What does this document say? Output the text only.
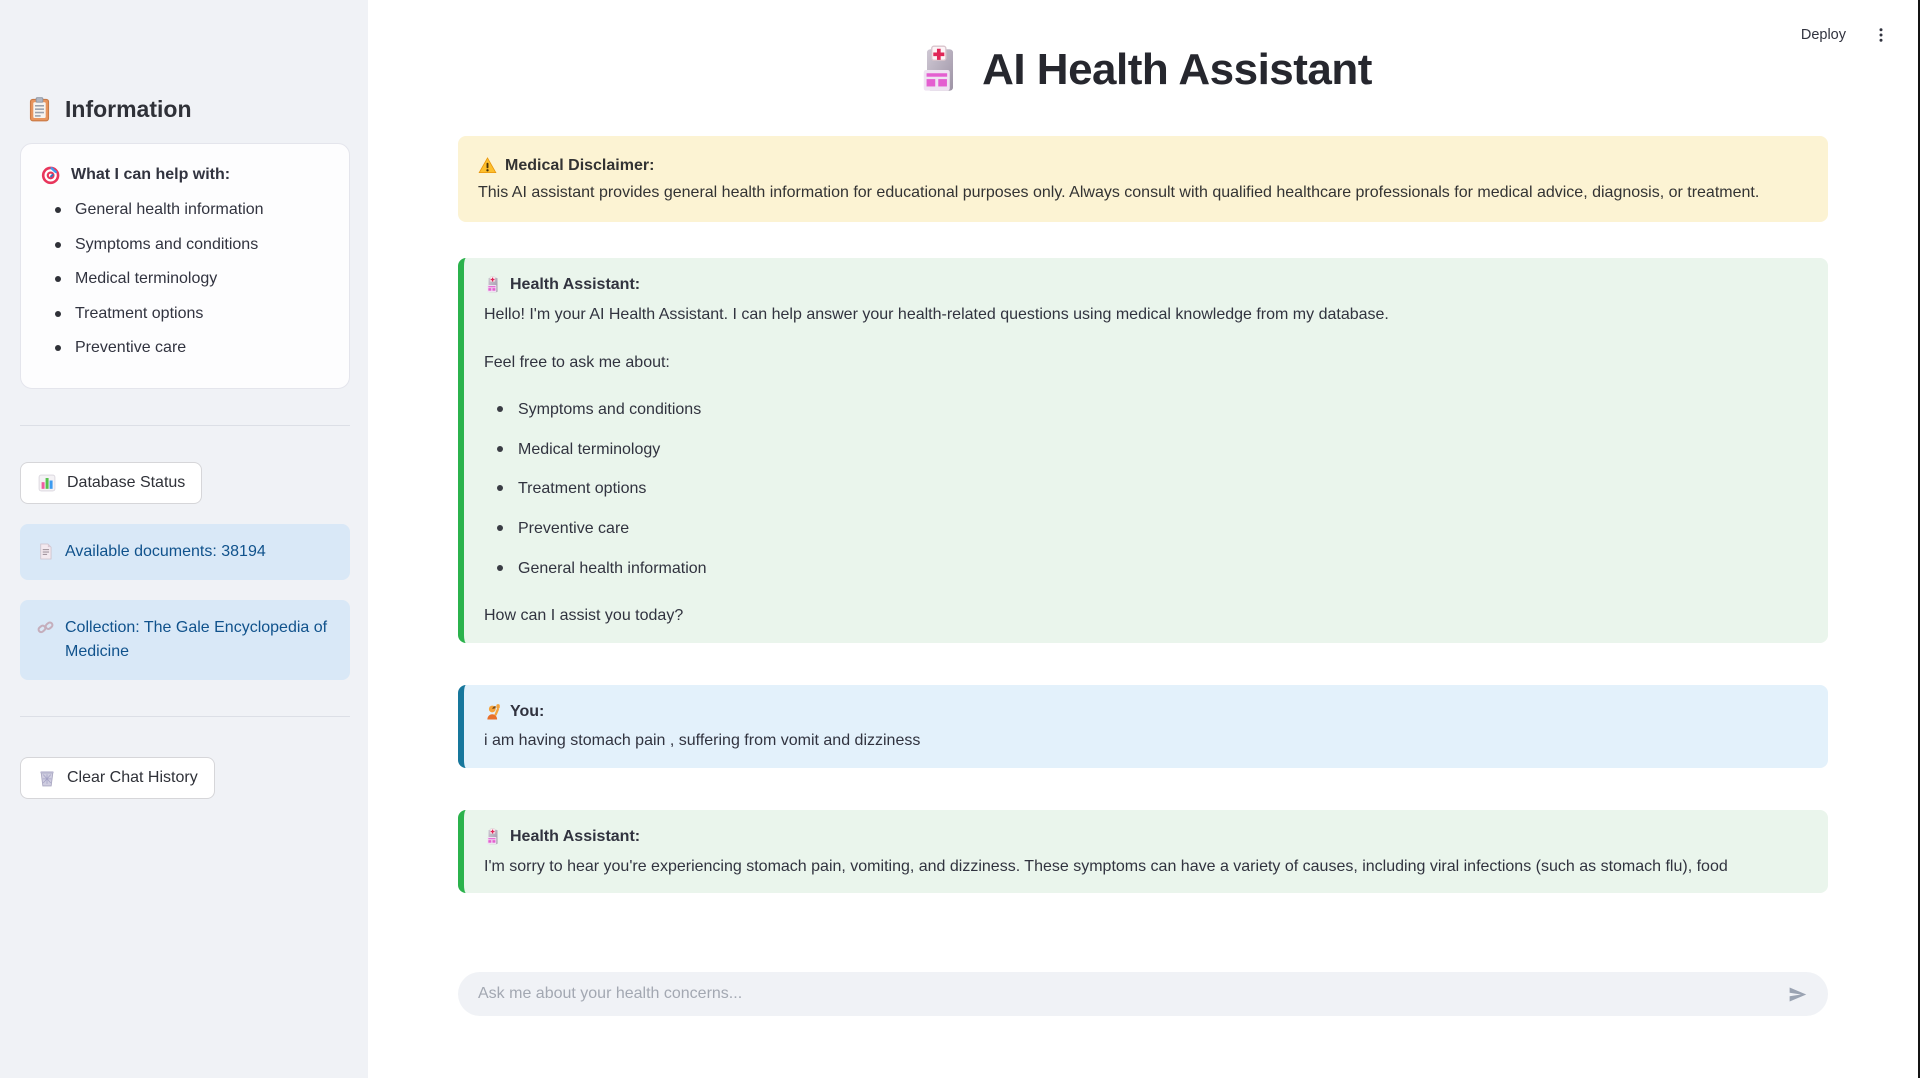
Information
What I can help with:
General health information
Symptoms and conditions
Medical terminology
Treatment options
Preventive care
Database Status
Available documents: 38194
Collection: The Gale Encyclopedia of Medicine
Clear Chat History
Deploy
AI Health Assistant
Medical Disclaimer:
This AI assistant provides general health information for educational purposes only. Always consult with qualified healthcare professionals for medical advice, diagnosis, or treatment.
Health Assistant:

Hello! I'm your AI Health Assistant. I can help answer your health-related questions using medical knowledge from my database.

Feel free to ask me about:

Symptoms and conditions
Medical terminology
Treatment options
Preventive care
General health information

How can I assist you today?

You:

i am having stomach pain , suffering from vomit and dizziness

Health Assistant:

I'm sorry to hear you're experiencing stomach pain, vomiting, and dizziness. These symptoms can have a variety of causes, including viral infections (such as stomach flu), food

Ask me about your health concerns...
